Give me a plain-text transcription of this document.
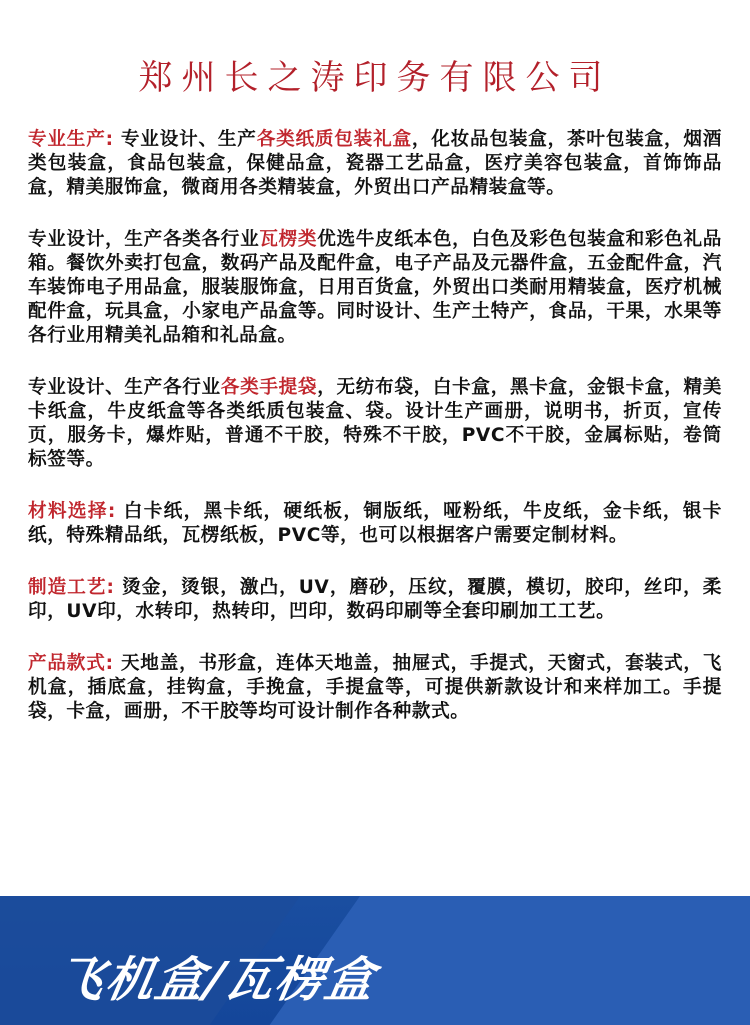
郑州长之涛印务有限公司

专业生产: 专业设计、生产各类纸质包装礼盒，化妆品包装盒，茶叶包装盒，烟酒类包装盒，食品包装盒，保健品盒，瓷器工艺品盒，医疗美容包装盒，首饰饰品盒，精美服饰盒，微商用各类精装盒，外贸出口产品精装盒等。

专业设计，生产各类各行业瓦楞类优选牛皮纸本色，白色及彩色包装盒和彩色礼品箱。餐饮外卖打包盒，数码产品及配件盒，电子产品及元器件盒，五金配件盒，汽车装饰电子用品盒，服装服饰盒，日用百货盒，外贸出口类耐用精装盒，医疗机械配件盒，玩具盒，小家电产品盒等。同时设计、生产土特产，食品，干果，水果等各行业用精美礼品箱和礼品盒。

专业设计、生产各行业各类手提袋，无纺布袋，白卡盒，黑卡盒，金银卡盒，精美卡纸盒，牛皮纸盒等各类纸质包装盒、袋。设计生产画册，说明书，折页，宣传页，服务卡，爆炸贴，普通不干胶，特殊不干胶，PVC不干胶，金属标贴，卷筒标签等。

材料选择: 白卡纸，黑卡纸，硬纸板，铜版纸，哑粉纸，牛皮纸，金卡纸，银卡纸，特殊精品纸，瓦楞纸板，PVC等，也可以根据客户需要定制材料。

制造工艺: 烫金，烫银，激凸，UV，磨砂，压纹，覆膜，模切，胶印，丝印，柔印，UV印，水转印，热转印，凹印，数码印刷等全套印刷加工工艺。

产品款式: 天地盖，书形盒，连体天地盖，抽屉式，手提式，天窗式，套装式，飞机盒，插底盒，挂钩盒，手挽盒，手提盒等，可提供新款设计和来样加工。手提袋，卡盒，画册，不干胶等均可设计制作各种款式。

飞机盒/瓦楞盒
